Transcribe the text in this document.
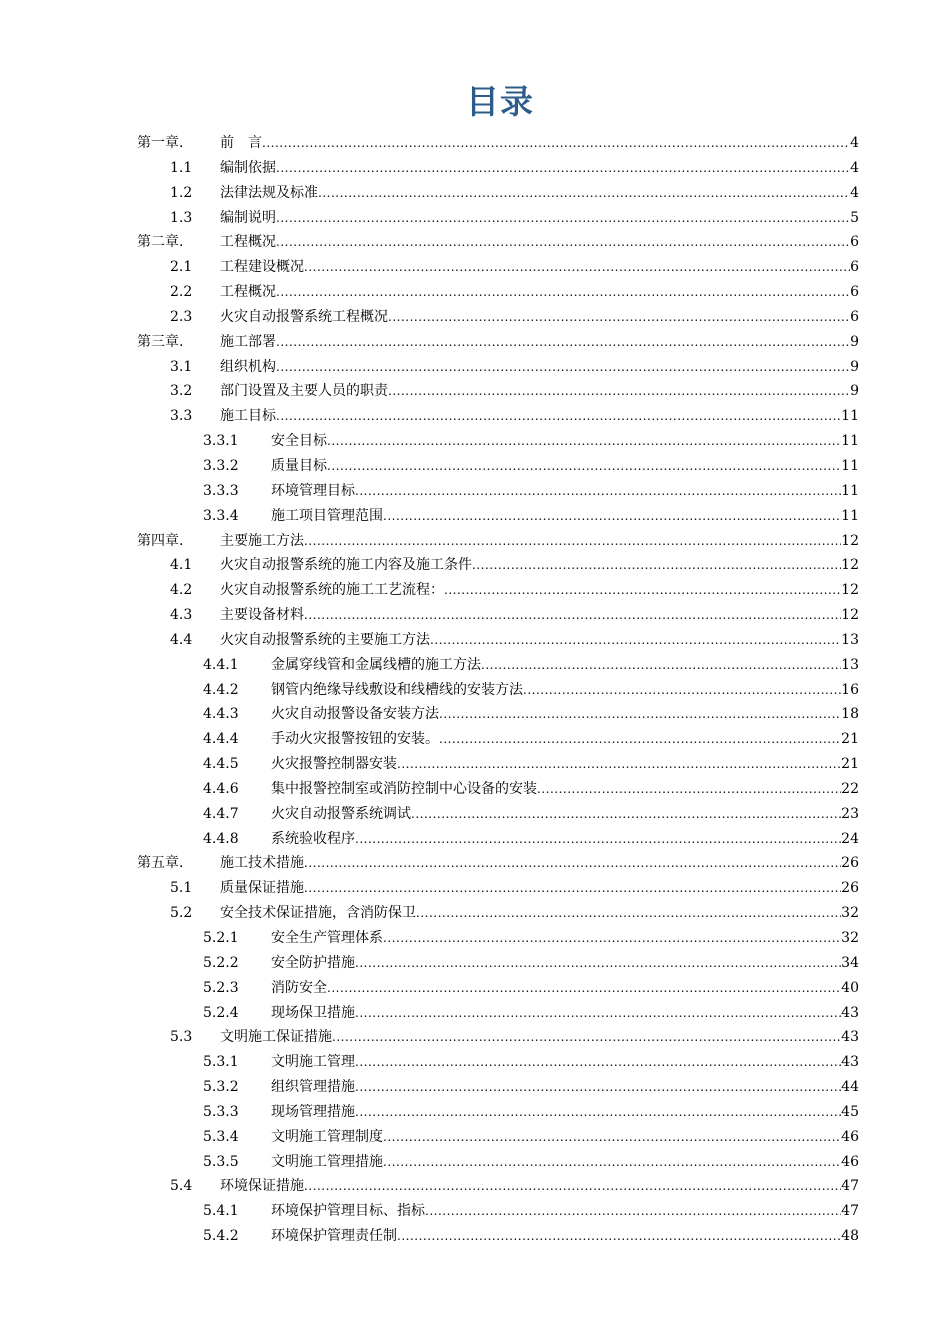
目录
第一章.	前　言 .....	4
1.1 编制依据 .....	4
1.2 法律法规及标准 .....	4
1.3 编制说明 .....	5
第二章.	工程概况 .....	6
2.1 工程建设概况 .....	6
2.2 工程概况 .....	6
2.3 火灾自动报警系统工程概况 .....	6
第三章.	施工部署 .....	9
3.1 组织机构 .....	9
3.2 部门设置及主要人员的职责 .....	9
3.3 施工目标 .....	11
3.3.1 安全目标 .....	11
3.3.2 质量目标 .....	11
3.3.3 环境管理目标 .....	11
3.3.4 施工项目管理范围 .....	11
第四章.	主要施工方法 .....	12
4.1 火灾自动报警系统的施工内容及施工条件 .....	12
4.2 火灾自动报警系统的施工工艺流程： .....	12
4.3 主要设备材料 .....	12
4.4 火灾自动报警系统的主要施工方法 .....	13
4.4.1 金属穿线管和金属线槽的施工方法 .....	13
4.4.2 钢管内绝缘导线敷设和线槽线的安装方法 .....	16
4.4.3 火灾自动报警设备安装方法 .....	18
4.4.4 手动火灾报警按钮的安装。 .....	21
4.4.5 火灾报警控制器安装 .....	21
4.4.6 集中报警控制室或消防控制中心设备的安装 .....	22
4.4.7 火灾自动报警系统调试 .....	23
4.4.8 系统验收程序 .....	24
第五章.	施工技术措施 .....	26
5.1 质量保证措施 .....	26
5.2 安全技术保证措施，含消防保卫 .....	32
5.2.1 安全生产管理体系 .....	32
5.2.2 安全防护措施 .....	34
5.2.3 消防安全 .....	40
5.2.4 现场保卫措施 .....	43
5.3 文明施工保证措施 .....	43
5.3.1 文明施工管理 .....	43
5.3.2 组织管理措施 .....	44
5.3.3 现场管理措施 .....	45
5.3.4 文明施工管理制度 .....	46
5.3.5 文明施工管理措施 .....	46
5.4 环境保证措施 .....	47
5.4.1 环境保护管理目标、指标 .....	47
5.4.2 环境保护管理责任制 .....	48
